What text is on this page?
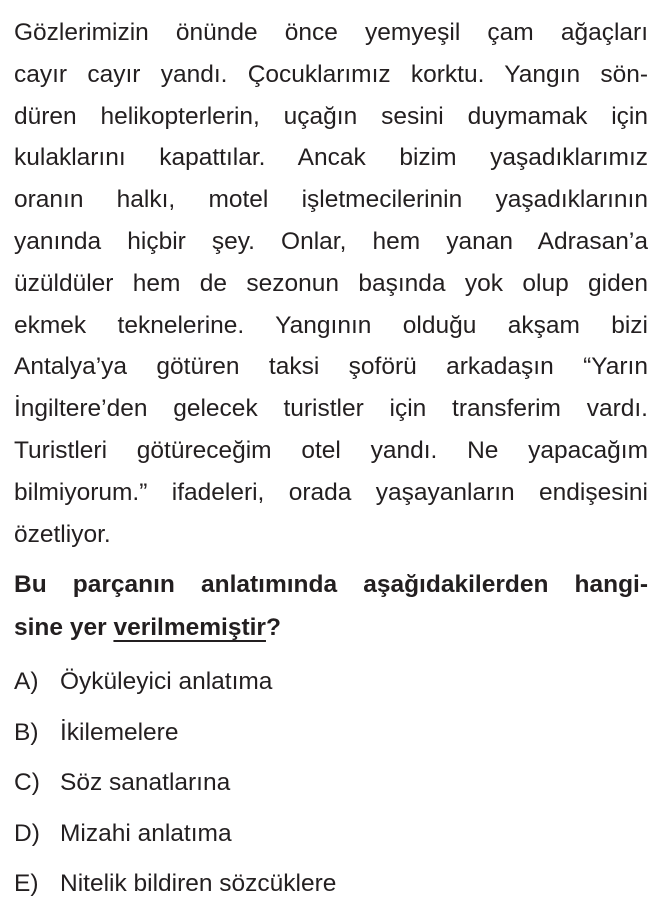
Gözlerimizin önünde önce yemyeşil çam ağaçları
cayır cayır yandı. Çocuklarımız korktu. Yangın sön-
düren helikopterlerin, uçağın sesini duymamak için
kulaklarını kapattılar. Ancak bizim yaşadıklarımız
oranın halkı, motel işletmecilerinin yaşadıklarının
yanında hiçbir şey. Onlar, hem yanan Adrasan’a
üzüldüler hem de sezonun başında yok olup giden
ekmek teknelerine. Yangının olduğu akşam bizi
Antalya’ya götüren taksi şoförü arkadaşın “Yarın
İngiltere’den gelecek turistler için transferim vardı.
Turistleri götüreceğim otel yandı. Ne yapacağım
bilmiyorum.” ifadeleri, orada yaşayanların endişesini
özetliyor.
Bu parçanın anlatımında aşağıdakilerden hangi-
sine yer verilmemiştir?
A) Öyküleyici anlatıma
B) İkilemelere
C) Söz sanatlarına
D) Mizahi anlatıma
E) Nitelik bildiren sözcüklere
